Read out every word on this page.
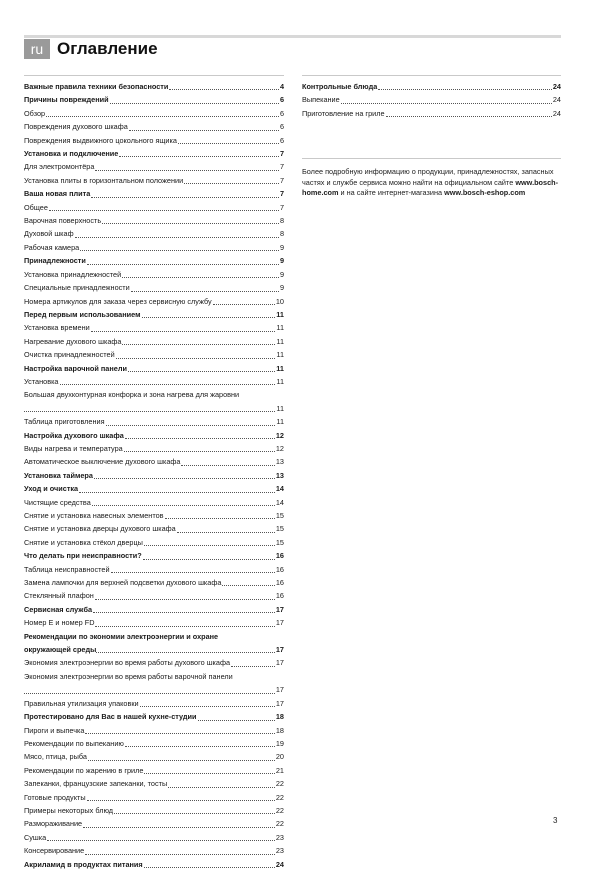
ru Оглавление
Важные правила техники безопасности	4
Причины повреждений	6
Обзор	6
Повреждения духового шкафа	6
Повреждения выдвижного цокольного ящика	6
Установка и подключение	7
Для электромонтёра	7
Установка плиты в горизонтальном положении	7
Ваша новая плита	7
Общее	7
Варочная поверхность	8
Духовой шкаф	8
Рабочая камера	9
Принадлежности	9
Установка принадлежностей	9
Специальные принадлежности	9
Номера артикулов для заказа через сервисную службу	10
Перед первым использованием	11
Установка времени	11
Нагревание духового шкафа	11
Очистка принадлежностей	11
Настройка варочной панели	11
Установка	11
Большая двухконтурная конфорка и зона нагрева для жаровни
11
Таблица приготовления	11
Настройка духового шкафа	12
Виды нагрева и температура	12
Автоматическое выключение духового шкафа	13
Установка таймера	13
Уход и очистка	14
Чистящие средства	14
Снятие и установка навесных элементов	15
Снятие и установка дверцы духового шкафа	15
Снятие и установка стёкол дверцы	15
Что делать при неисправности?	16
Таблица неисправностей	16
Замена лампочки для верхней подсветки духового шкафа	16
Стеклянный плафон	16
Сервисная служба	17
Номер E и номер FD	17
Рекомендации по экономии электроэнергии и охране
окружающей среды	17
Экономия электроэнергии во время работы духового шкафа	17
Экономия электроэнергии во время работы варочной панели
17
Правильная утилизация упаковки	17
Протестировано для Вас в нашей кухне-студии	18
Пироги и выпечка	18
Рекомендации по выпеканию	19
Мясо, птица, рыба	20
Рекомендации по жарению в гриле	21
Запеканки, французские запеканки, тосты	22
Готовые продукты	22
Примеры некоторых блюд	22
Размораживание	22
Сушка	23
Консервирование	23
Акриламид в продуктах питания	24
Контрольные блюда	24
Выпекание	24
Приготовление на гриле	24
Более подробную информацию о продукции, принадлежностях, запасных частях и службе сервиса можно найти на официальном сайте www.bosch-home.com и на сайте интернет-магазина www.bosch-eshop.com
3
